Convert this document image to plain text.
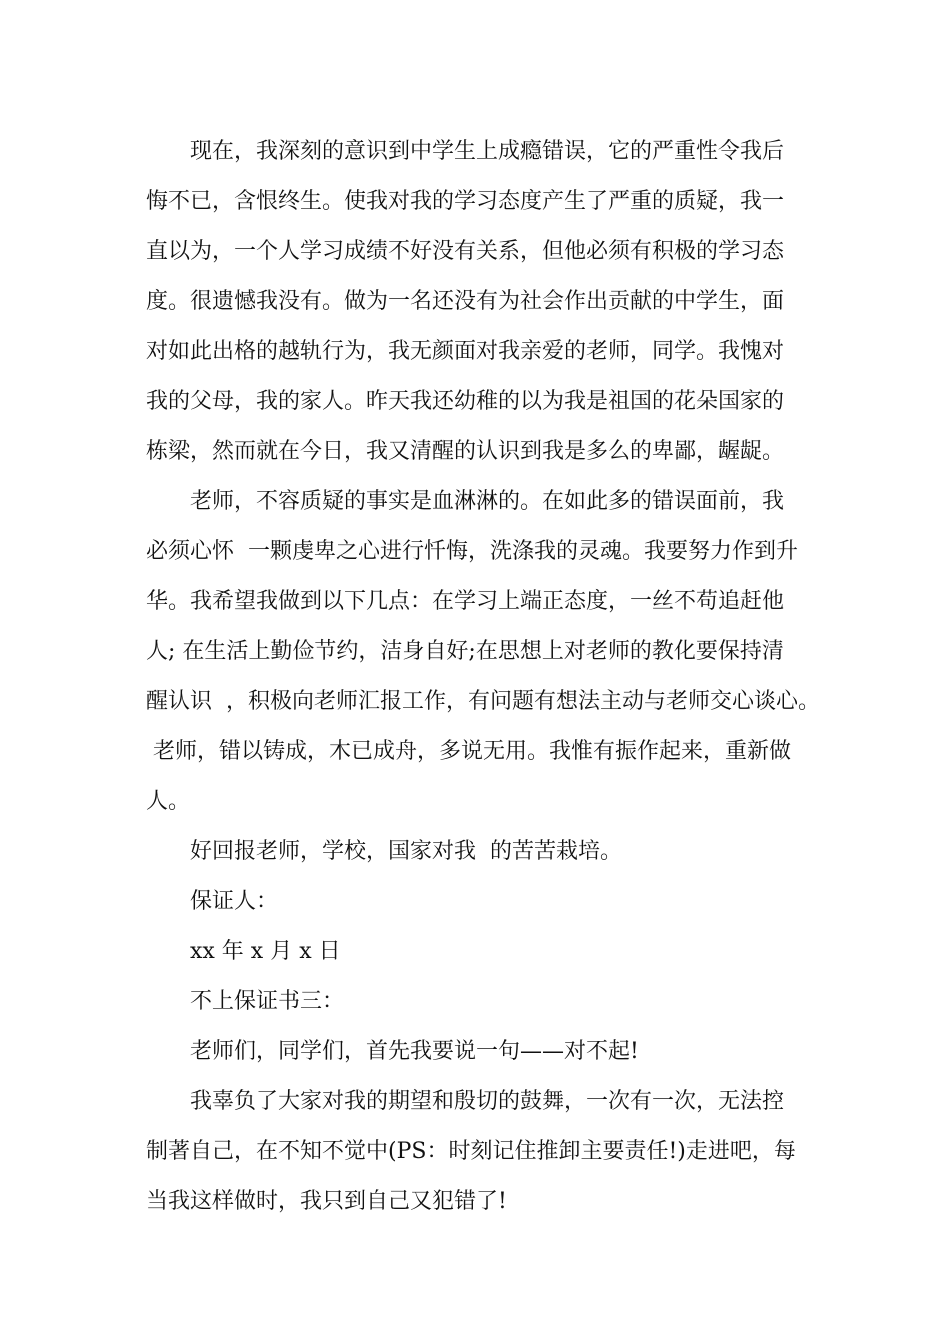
现在，我深刻的意识到中学生上成瘾错误，它的严重性令我后

悔不已，含恨终生。使我对我的学习态度产生了严重的质疑，我一

直以为，一个人学习成绩不好没有关系，但他必须有积极的学习态

度。很遗憾我没有。做为一名还没有为社会作出贡献的中学生，面

对如此出格的越轨行为，我无颜面对我亲爱的老师，同学。我愧对

我的父母，我的家人。昨天我还幼稚的以为我是祖国的花朵国家的

栋梁，然而就在今日，我又清醒的认识到我是多么的卑鄙，龌龊。

老师，不容质疑的事实是血淋淋的。在如此多的错误面前，我

必须心怀  一颗虔卑之心进行忏悔，洗涤我的灵魂。我要努力作到升

华。我希望我做到以下几点：在学习上端正态度，一丝不苟追赶他

人; 在生活上勤俭节约，洁身自好;在思想上对老师的教化要保持清

醒认识  ，积极向老师汇报工作，有问题有想法主动与老师交心谈心。

老师，错以铸成，木已成舟，多说无用。我惟有振作起来，重新做

人。

好回报老师，学校，国家对我  的苦苦栽培。

保证人：

xx 年 x 月 x 日

不上保证书三：

老师们，同学们，首先我要说一句——对不起!

我辜负了大家对我的期望和殷切的鼓舞，一次有一次，无法控

制著自己，在不知不觉中(PS：时刻记住推卸主要责任!)走进吧，每

当我这样做时，我只到自己又犯错了!
